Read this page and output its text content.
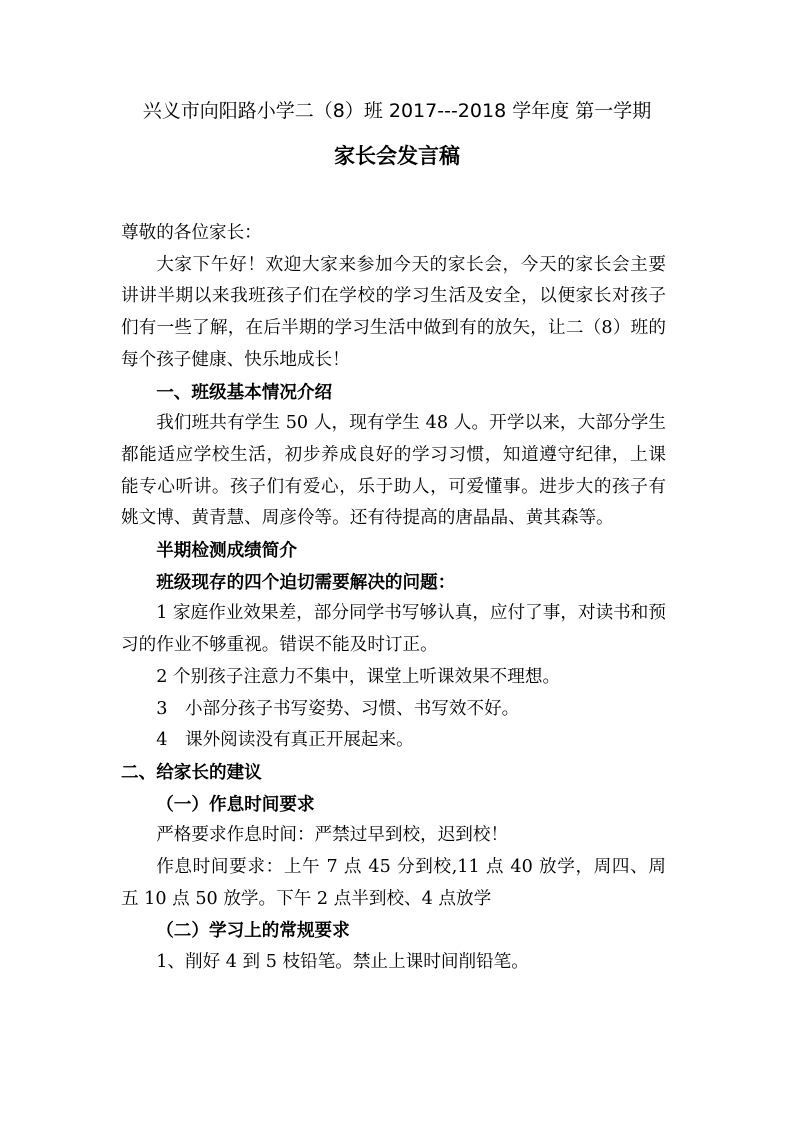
兴义市向阳路小学二（8）班 2017---2018 学年度 第一学期
家长会发言稿

尊敬的各位家长：

大家下午好！欢迎大家来参加今天的家长会，今天的家长会主要讲讲半期以来我班孩子们在学校的学习生活及安全，以便家长对孩子们有一些了解，在后半期的学习生活中做到有的放矢，让二（8）班的每个孩子健康、快乐地成长！

一、班级基本情况介绍

我们班共有学生 50 人，现有学生 48 人。开学以来，大部分学生都能适应学校生活，初步养成良好的学习习惯，知道遵守纪律，上课能专心听讲。孩子们有爱心，乐于助人，可爱懂事。进步大的孩子有姚文博、黄青慧、周彦伶等。还有待提高的唐晶晶、黄其森等。

半期检测成绩简介

班级现存的四个迫切需要解决的问题：

1 家庭作业效果差，部分同学书写够认真，应付了事，对读书和预习的作业不够重视。错误不能及时订正。

2 个别孩子注意力不集中，课堂上听课效果不理想。

3　小部分孩子书写姿势、习惯、书写效不好。

4　课外阅读没有真正开展起来。

二、给家长的建议

（一）作息时间要求

严格要求作息时间：严禁过早到校，迟到校！

作息时间要求：上午 7 点 45 分到校,11 点 40 放学，周四、周五 10 点 50 放学。下午 2 点半到校、4 点放学

（二）学习上的常规要求

1、削好 4 到 5 枝铅笔。禁止上课时间削铅笔。
